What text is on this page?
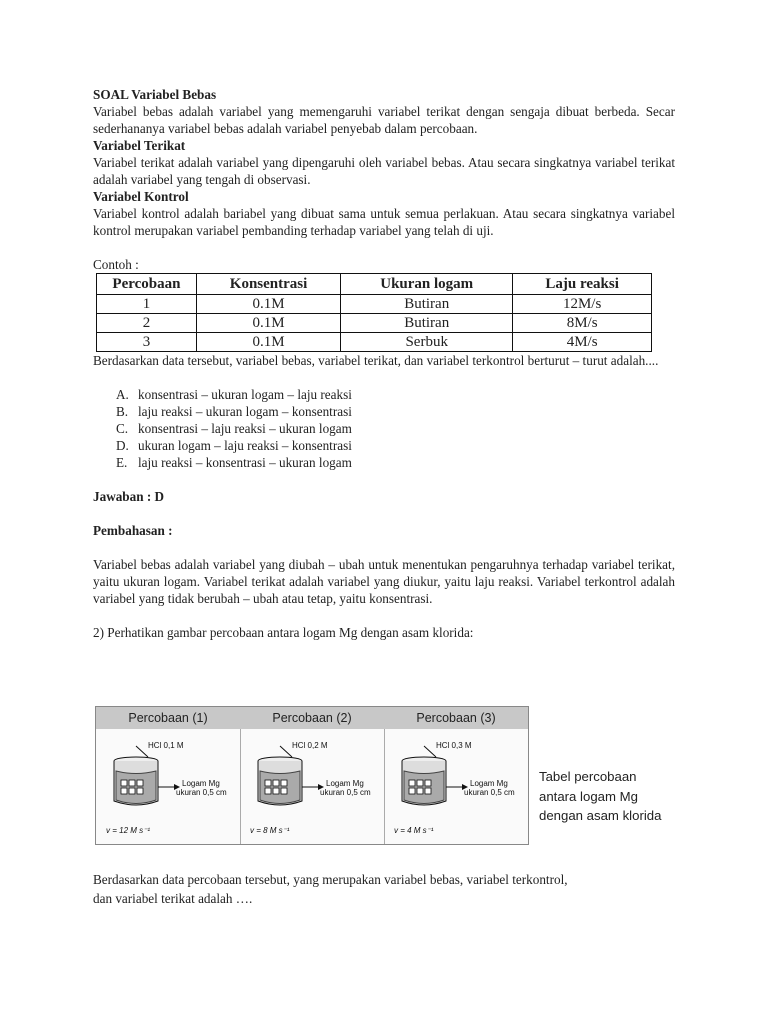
SOAL Variabel Bebas

Variabel bebas adalah variabel yang memengaruhi variabel terikat dengan sengaja dibuat berbeda. Secar sederhananya variabel bebas adalah variabel penyebab dalam percobaan.

Variabel Terikat

Variabel terikat adalah variabel yang dipengaruhi oleh variabel bebas. Atau secara singkatnya variabel terikat adalah variabel yang tengah di observasi.

Variabel Kontrol

Variabel kontrol adalah bariabel yang dibuat sama untuk semua perlakuan. Atau secara singkatnya variabel kontrol merupakan variabel pembanding terhadap variabel yang telah di uji.

Contoh :
Percobaan	Konsentrasi	Ukuran logam	Laju reaksi
1	0.1M	Butiran	12M/s
2	0.1M	Butiran	8M/s
3	0.1M	Serbuk	4M/s

Berdasarkan data tersebut, variabel bebas, variabel terikat, dan variabel terkontrol berturut – turut adalah....

A. konsentrasi – ukuran logam – laju reaksi
B. laju reaksi – ukuran logam – konsentrasi
C. konsentrasi – laju reaksi – ukuran logam
D. ukuran logam – laju reaksi – konsentrasi
E. laju reaksi – konsentrasi – ukuran logam
Jawaban : D
Pembahasan :

Variabel bebas adalah variabel yang diubah – ubah untuk menentukan pengaruhnya terhadap variabel terikat, yaitu ukuran logam. Variabel terikat adalah variabel yang diukur, yaitu laju reaksi. Variabel terkontrol adalah variabel yang tidak berubah – ubah atau tetap, yaitu konsentrasi.

2) Perhatikan gambar percobaan antara logam Mg dengan asam klorida:
Percobaan (1)
HCl 0,1 M
Logam Mg
ukuran 0,5 cm
v = 12 M s⁻¹
Percobaan (2)
HCl 0,2 M
Logam Mg
ukuran 0,5 cm
v = 8 M s⁻¹
Percobaan (3)
HCl 0,3 M
Logam Mg
ukuran 0,5 cm
v = 4 M s⁻¹
Tabel percobaan
antara logam Mg
dengan asam klorida
Berdasarkan data percobaan tersebut, yang merupakan variabel bebas, variabel terkontrol,
dan variabel terikat adalah ….
